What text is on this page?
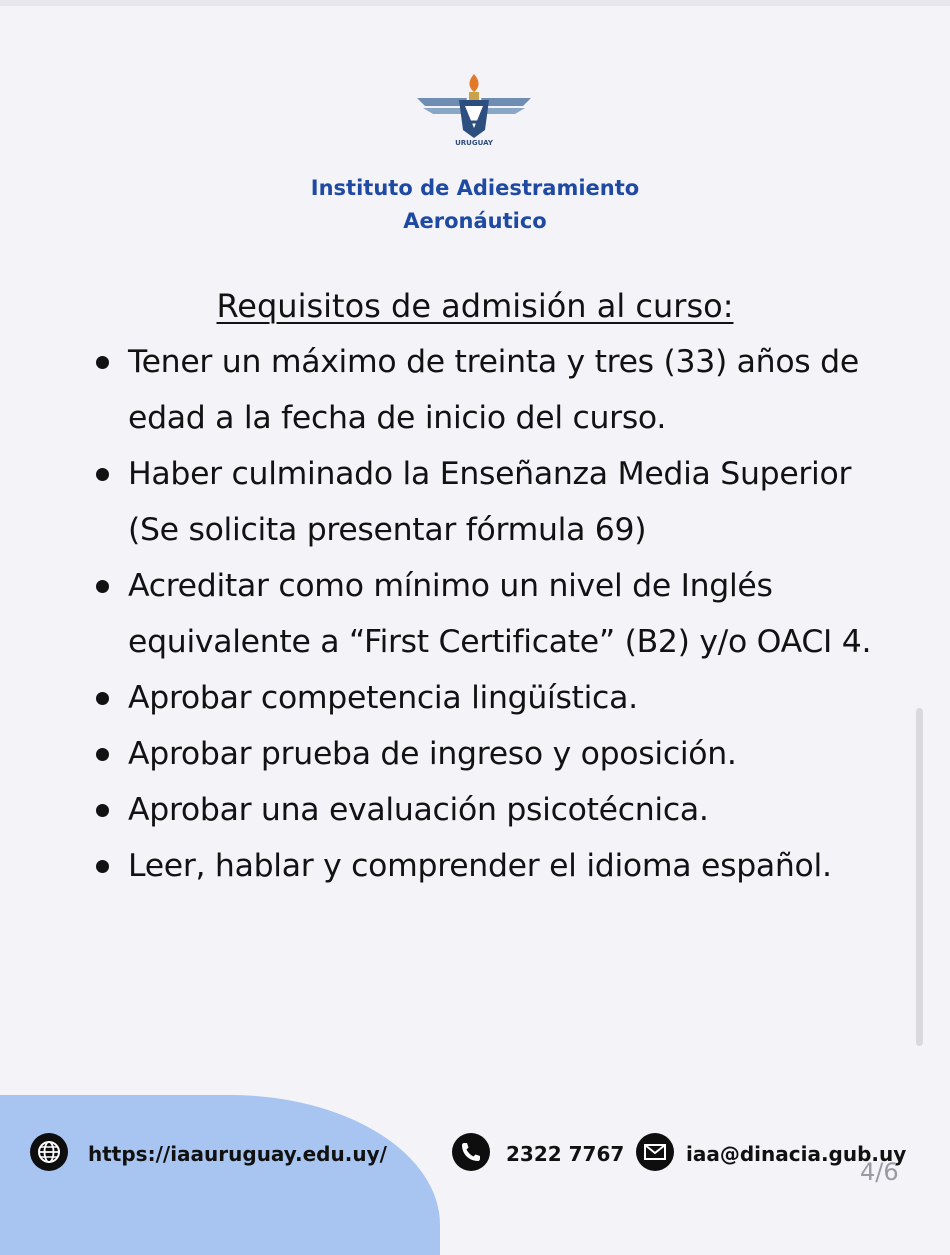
URUGUAY
Instituto de Adiestramiento
Aeronáutico
Requisitos de admisión al curso:
Tener un máximo de treinta y tres (33) años de edad a la fecha de inicio del curso.
Haber culminado la Enseñanza Media Superior (Se solicita presentar fórmula 69)
Acreditar como mínimo un nivel de Inglés equivalente a “First Certificate” (B2) y/o OACI 4.
Aprobar competencia lingüística.
Aprobar prueba de ingreso y oposición.
Aprobar una evaluación psicotécnica.
Leer, hablar y comprender el idioma español.
https://iaauruguay.edu.uy/	2322 7767	iaa@dinacia.gub.uy
4/6
